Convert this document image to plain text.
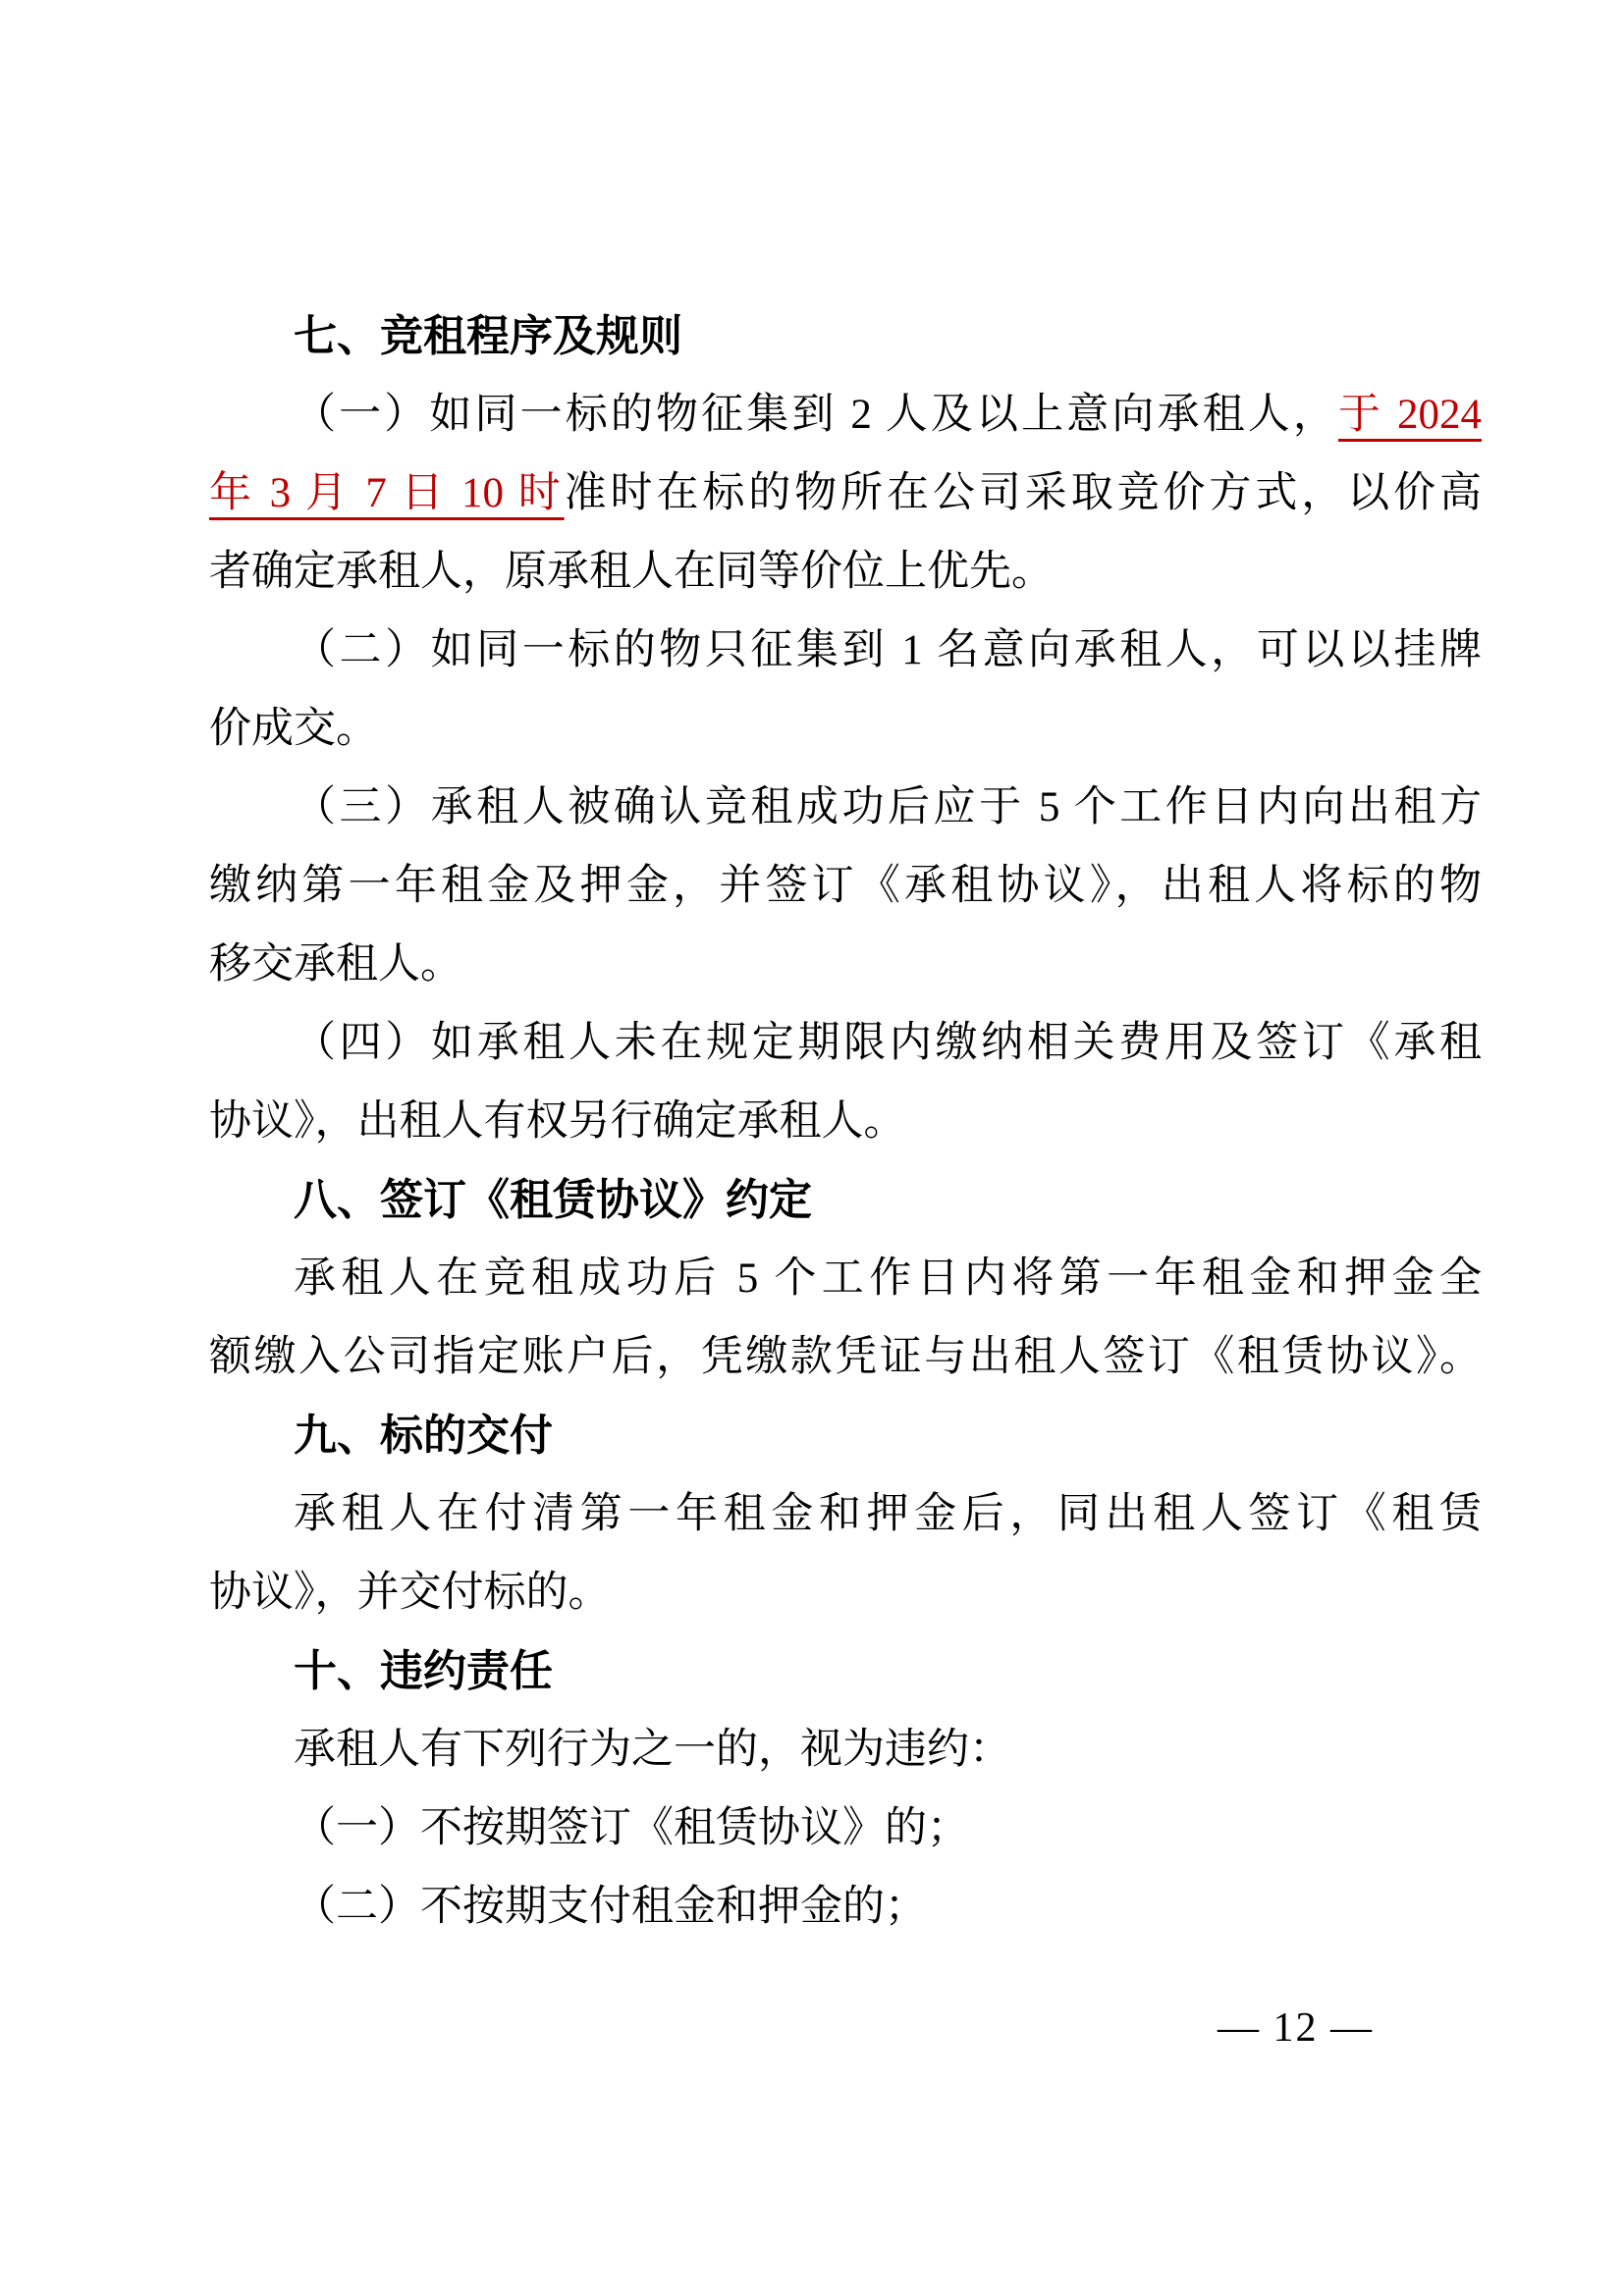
七、竞租程序及规则
（一）如同一标的物征集到 2 人及以上意向承租人，于 2024
年 3 月 7 日 10 时准时在标的物所在公司采取竞价方式，以价高
者确定承租人，原承租人在同等价位上优先。
（二）如同一标的物只征集到 1 名意向承租人，可以以挂牌
价成交。
（三）承租人被确认竞租成功后应于 5 个工作日内向出租方
缴纳第一年租金及押金，并签订《承租协议》，出租人将标的物
移交承租人。
（四）如承租人未在规定期限内缴纳相关费用及签订《承租
协议》，出租人有权另行确定承租人。
八、签订《租赁协议》约定
承租人在竞租成功后 5 个工作日内将第一年租金和押金全
额缴入公司指定账户后，凭缴款凭证与出租人签订《租赁协议》。
九、标的交付
承租人在付清第一年租金和押金后，同出租人签订《租赁
协议》，并交付标的。
十、违约责任
承租人有下列行为之一的，视为违约：
（一）不按期签订《租赁协议》的；
（二）不按期支付租金和押金的；
— 12 —
